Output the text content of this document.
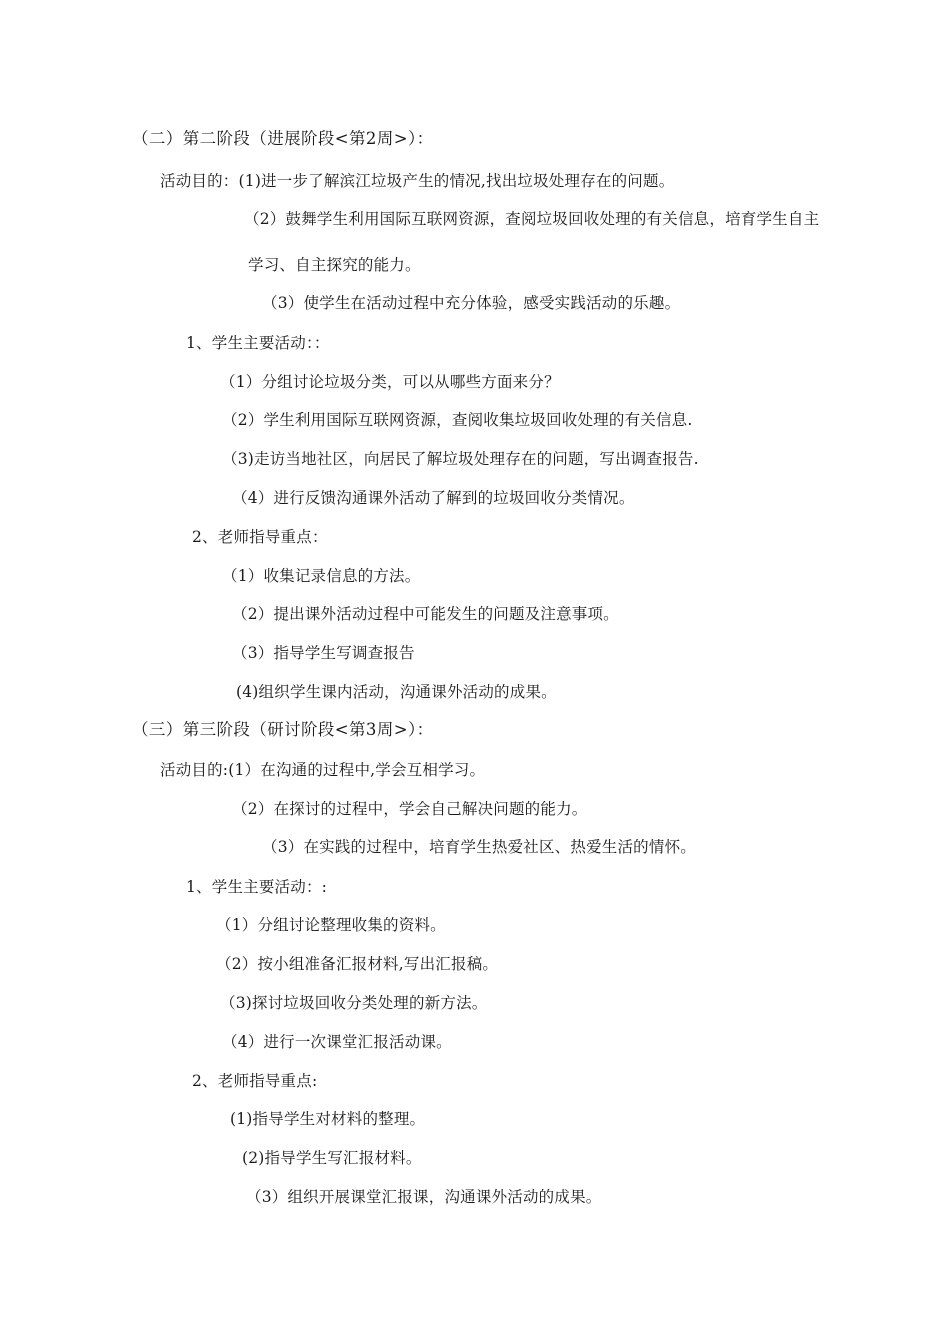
（二）第二阶段（进展阶段<第2周>）：
活动目的：(1)进一步了解滨江垃圾产生的情况,找出垃圾处理存在的问题。
（2）鼓舞学生利用国际互联网资源，查阅垃圾回收处理的有关信息，培育学生自主
学习、自主探究的能力。
（3）使学生在活动过程中充分体验，感受实践活动的乐趣。
1、学生主要活动：：
（1）分组讨论垃圾分类，可以从哪些方面来分？
（2）学生利用国际互联网资源，查阅收集垃圾回收处理的有关信息.
（3)走访当地社区，向居民了解垃圾处理存在的问题，写出调查报告.
（4）进行反馈沟通课外活动了解到的垃圾回收分类情况。
2、老师指导重点：
（1）收集记录信息的方法。
（2）提出课外活动过程中可能发生的问题及注意事项。
（3）指导学生写调查报告
(4)组织学生课内活动，沟通课外活动的成果。
（三）第三阶段（研讨阶段<第3周>）：
活动目的:(1）在沟通的过程中,学会互相学习。
（2）在探讨的过程中，学会自己解决问题的能力。
（3）在实践的过程中，培育学生热爱社区、热爱生活的情怀。
1、学生主要活动：:
（1）分组讨论整理收集的资料。
（2）按小组准备汇报材料,写出汇报稿。
（3)探讨垃圾回收分类处理的新方法。
（4）进行一次课堂汇报活动课。
2、老师指导重点:
(1)指导学生对材料的整理。
(2)指导学生写汇报材料。
（3）组织开展课堂汇报课，沟通课外活动的成果。
